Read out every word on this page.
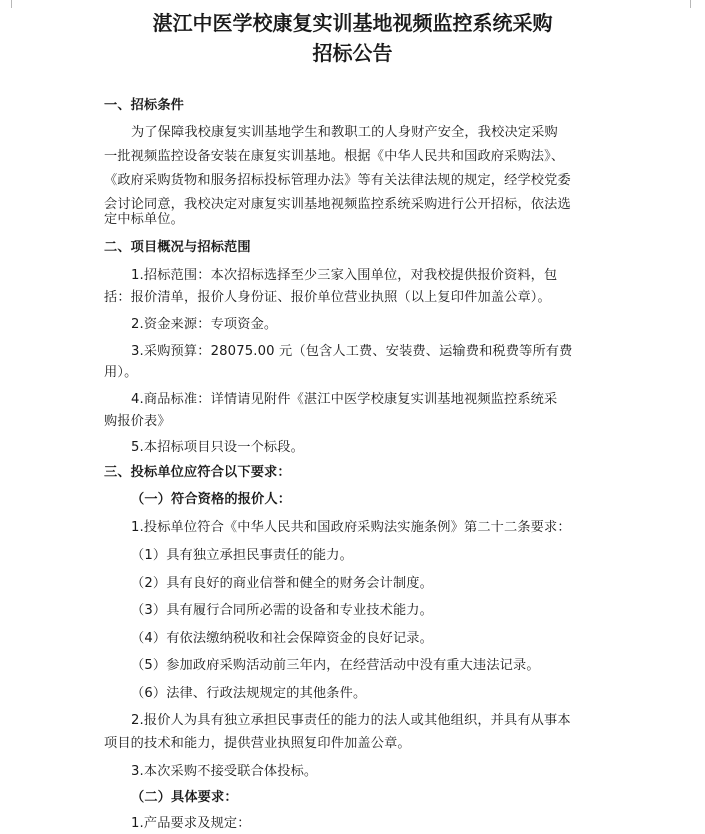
湛江中医学校康复实训基地视频监控系统采购
招标公告
一、招标条件
为了保障我校康复实训基地学生和教职工的人身财产安全，我校决定采购
一批视频监控设备安装在康复实训基地。根据《中华人民共和国政府采购法》、
《政府采购货物和服务招标投标管理办法》等有关法律法规的规定，经学校党委
会讨论同意，我校决定对康复实训基地视频监控系统采购进行公开招标，依法选
定中标单位。
二、项目概况与招标范围
1.招标范围：本次招标选择至少三家入围单位，对我校提供报价资料，包
括：报价清单，报价人身份证、报价单位营业执照（以上复印件加盖公章）。
2.资金来源：专项资金。
3.采购预算：28075.00 元（包含人工费、安装费、运输费和税费等所有费
用）。
4.商品标准：详情请见附件《湛江中医学校康复实训基地视频监控系统采
购报价表》
5.本招标项目只设一个标段。
三、投标单位应符合以下要求：
（一）符合资格的报价人：
1.投标单位符合《中华人民共和国政府采购法实施条例》第二十二条要求：
（1）具有独立承担民事责任的能力。
（2）具有良好的商业信誉和健全的财务会计制度。
（3）具有履行合同所必需的设备和专业技术能力。
（4）有依法缴纳税收和社会保障资金的良好记录。
（5）参加政府采购活动前三年内，在经营活动中没有重大违法记录。
（6）法律、行政法规规定的其他条件。
2.报价人为具有独立承担民事责任的能力的法人或其他组织，并具有从事本
项目的技术和能力，提供营业执照复印件加盖公章。
3.本次采购不接受联合体投标。
（二）具体要求：
1.产品要求及规定：
